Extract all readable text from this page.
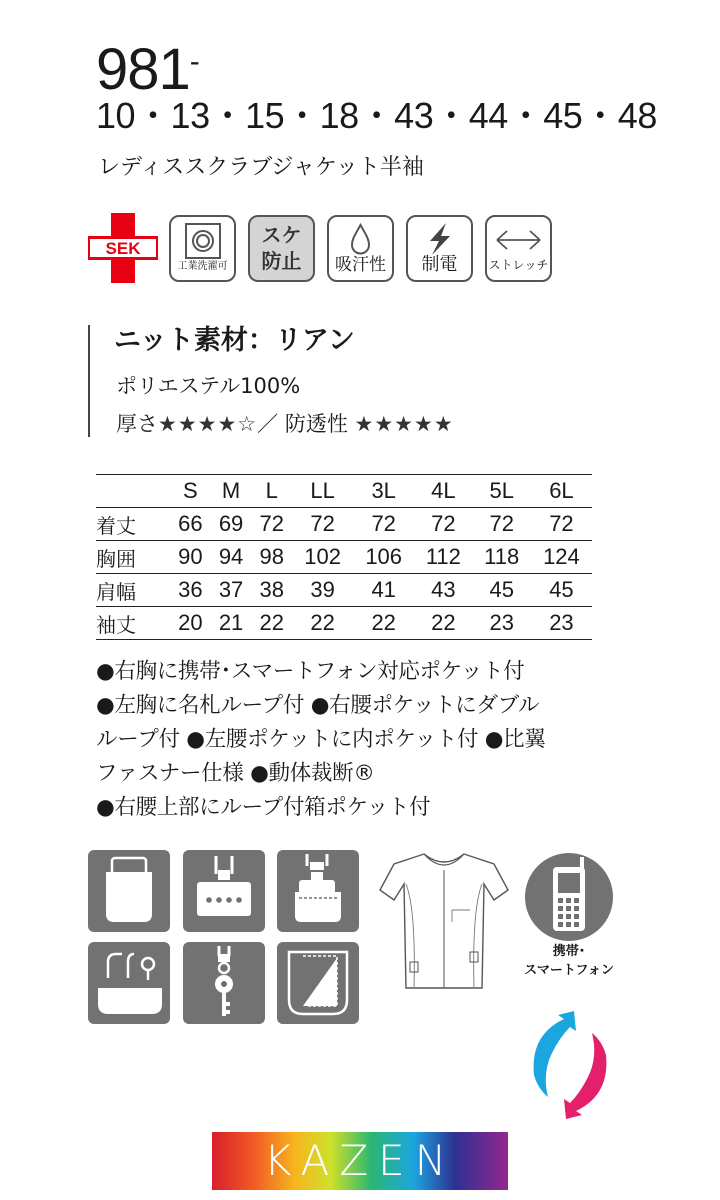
981-
10・13・15・18・43・44・45・48
レディススクラブジャケット半袖
SEK
工業洗濯可
スケ
防止	吸汗性	制電	ストレッチ
ニット素材：リアン
ポリエステル100%
厚さ★★★★☆／ 防透性 ★★★★★
	S	M	L	LL	3L	4L	5L	6L
着丈	66	69	72	72	72	72	72	72
胸囲	90	94	98	102	106	112	118	124
肩幅	36	37	38	39	41	43	45	45
袖丈	20	21	22	22	22	22	23	23
●右胸に携帯･スマートフォン対応ポケット付
●左胸に名札ループ付 ●右腰ポケットにダブル
ループ付 ●左腰ポケットに内ポケット付 ●比翼
ファスナー仕様 ●動体裁断®
●右腰上部にループ付箱ポケット付
携帯･
スマートフォン
KAZEN
